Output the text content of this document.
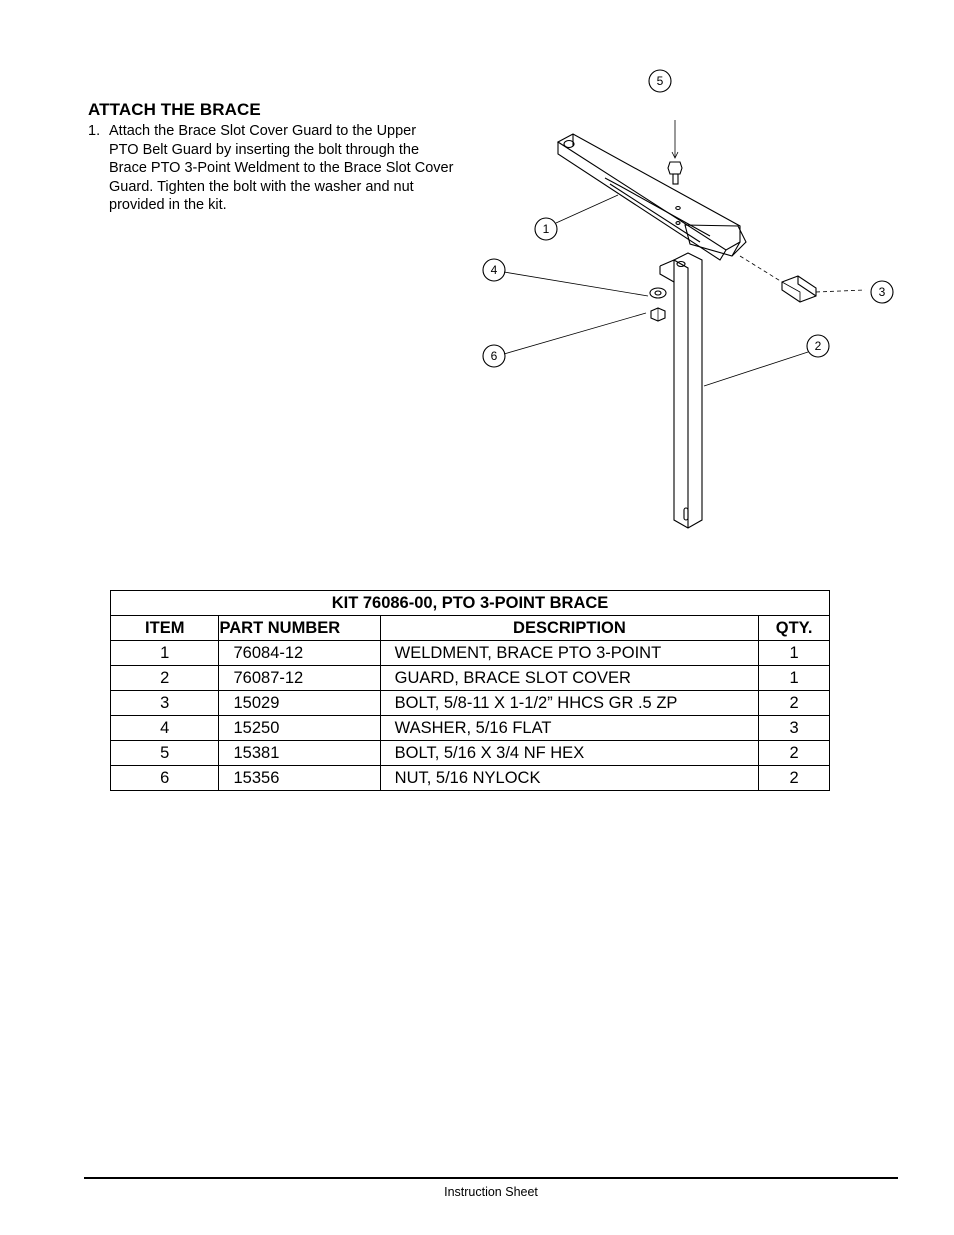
ATTACH THE BRACE
1. Attach the Brace Slot Cover Guard to the Upper
PTO Belt Guard by inserting the bolt through the
Brace PTO 3-Point Weldment to the Brace Slot Cover
Guard. Tighten the bolt with the washer and nut
provided in the kit.
5
1
4
3
2
6
KIT 76086-00, PTO 3-POINT BRACE			
ITEM	PART NUMBER	DESCRIPTION	QTY.
1	76084-12	WELDMENT, BRACE PTO 3-POINT	1
2	76087-12	GUARD, BRACE SLOT COVER	1
3	15029	BOLT, 5/8-11 X 1-1/2” HHCS GR .5 ZP	2
4	15250	WASHER, 5/16 FLAT	3
5	15381	BOLT, 5/16 X 3/4 NF HEX	2
6	15356	NUT, 5/16 NYLOCK	2
Instruction Sheet
